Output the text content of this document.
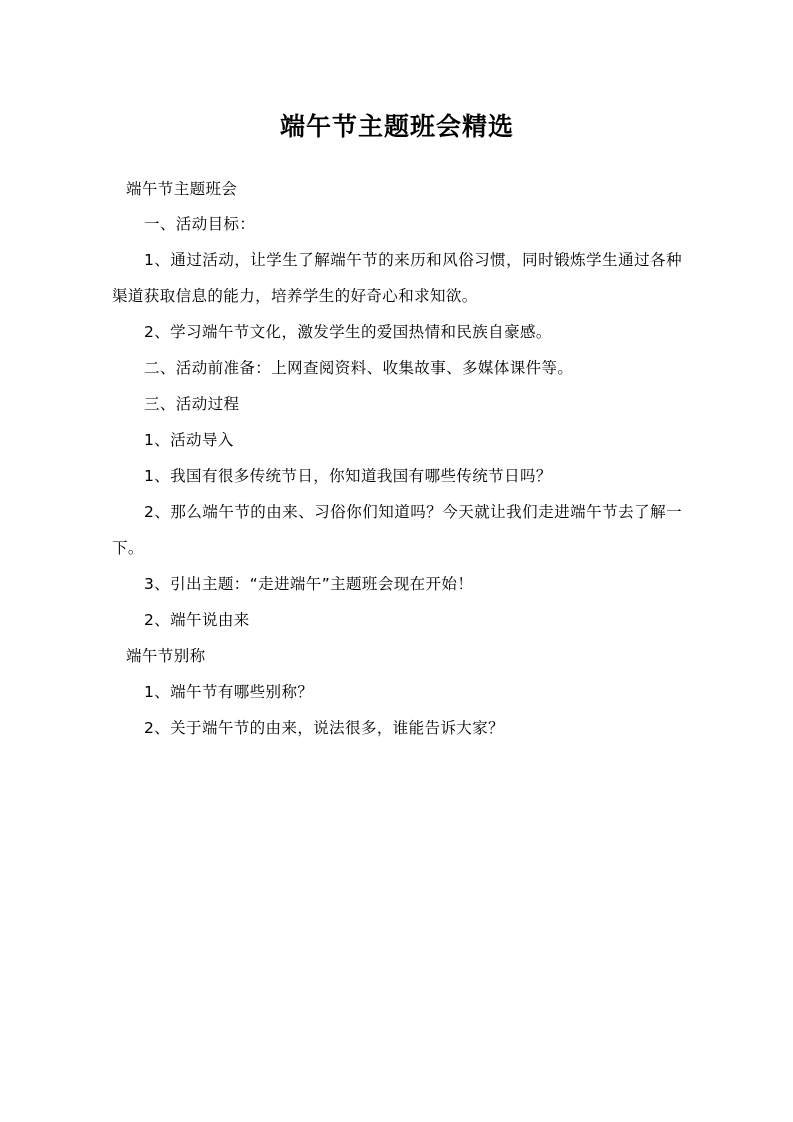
端午节主题班会精选

端午节主题班会

一、活动目标：

1、通过活动，让学生了解端午节的来历和风俗习惯，同时锻炼学生通过各种渠道获取信息的能力，培养学生的好奇心和求知欲。

2、学习端午节文化，激发学生的爱国热情和民族自豪感。

二、活动前准备：上网查阅资料、收集故事、多媒体课件等。

三、活动过程

1、活动导入

1、我国有很多传统节日，你知道我国有哪些传统节日吗？

2、那么端午节的由来、习俗你们知道吗？今天就让我们走进端午节去了解一下。

3、引出主题：“走进端午”主题班会现在开始！

2、端午说由来

端午节别称

1、端午节有哪些别称？

2、关于端午节的由来，说法很多，谁能告诉大家？
